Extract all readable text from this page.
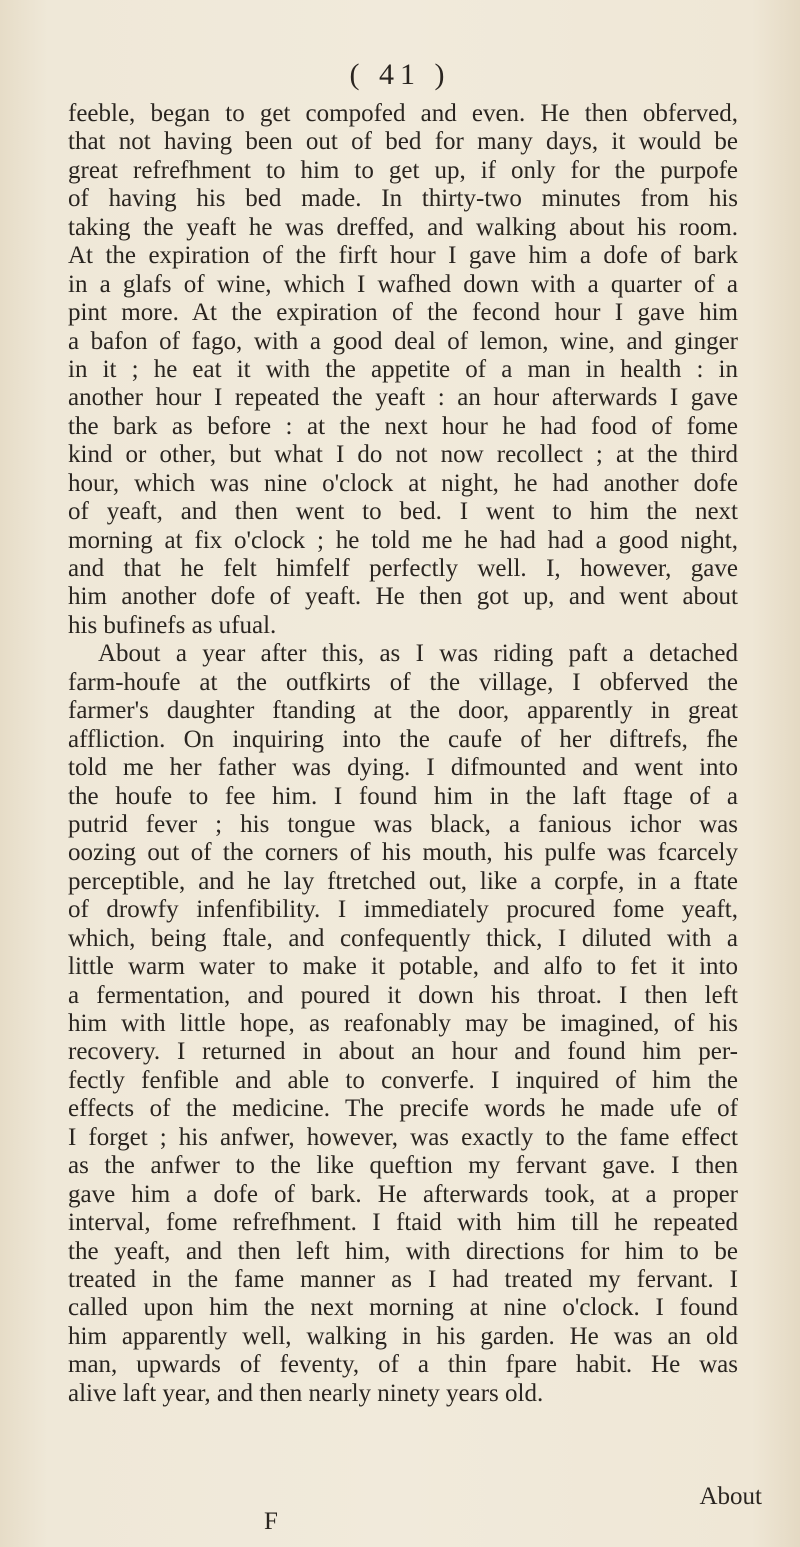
( 41 )
feeble, began to get compofed and even. He then obferved,
that not having been out of bed for many days, it would be
great refrefhment to him to get up, if only for the purpofe
of having his bed made. In thirty-two minutes from his
taking the yeaft he was dreffed, and walking about his room.
At the expiration of the firft hour I gave him a dofe of bark
in a glafs of wine, which I wafhed down with a quarter of a
pint more. At the expiration of the fecond hour I gave him
a bafon of fago, with a good deal of lemon, wine, and ginger
in it ; he eat it with the appetite of a man in health : in
another hour I repeated the yeaft : an hour afterwards I gave
the bark as before : at the next hour he had food of fome
kind or other, but what I do not now recollect ; at the third
hour, which was nine o'clock at night, he had another dofe
of yeaft, and then went to bed. I went to him the next
morning at fix o'clock ; he told me he had had a good night,
and that he felt himfelf perfectly well. I, however, gave
him another dofe of yeaft. He then got up, and went about
his bufinefs as ufual.
About a year after this, as I was riding paft a detached
farm-houfe at the outfkirts of the village, I obferved the
farmer's daughter ftanding at the door, apparently in great
affliction. On inquiring into the caufe of her diftrefs, fhe
told me her father was dying. I difmounted and went into
the houfe to fee him. I found him in the laft ftage of a
putrid fever ; his tongue was black, a fanious ichor was
oozing out of the corners of his mouth, his pulfe was fcarcely
perceptible, and he lay ftretched out, like a corpfe, in a ftate
of drowfy infenfibility. I immediately procured fome yeaft,
which, being ftale, and confequently thick, I diluted with a
little warm water to make it potable, and alfo to fet it into
a fermentation, and poured it down his throat. I then left
him with little hope, as reafonably may be imagined, of his
recovery. I returned in about an hour and found him per-
fectly fenfible and able to converfe. I inquired of him the
effects of the medicine. The precife words he made ufe of
I forget ; his anfwer, however, was exactly to the fame effect
as the anfwer to the like queftion my fervant gave. I then
gave him a dofe of bark. He afterwards took, at a proper
interval, fome refrefhment. I ftaid with him till he repeated
the yeaft, and then left him, with directions for him to be
treated in the fame manner as I had treated my fervant. I
called upon him the next morning at nine o'clock. I found
him apparently well, walking in his garden. He was an old
man, upwards of feventy, of a thin fpare habit. He was
alive laft year, and then nearly ninety years old.
About
F
